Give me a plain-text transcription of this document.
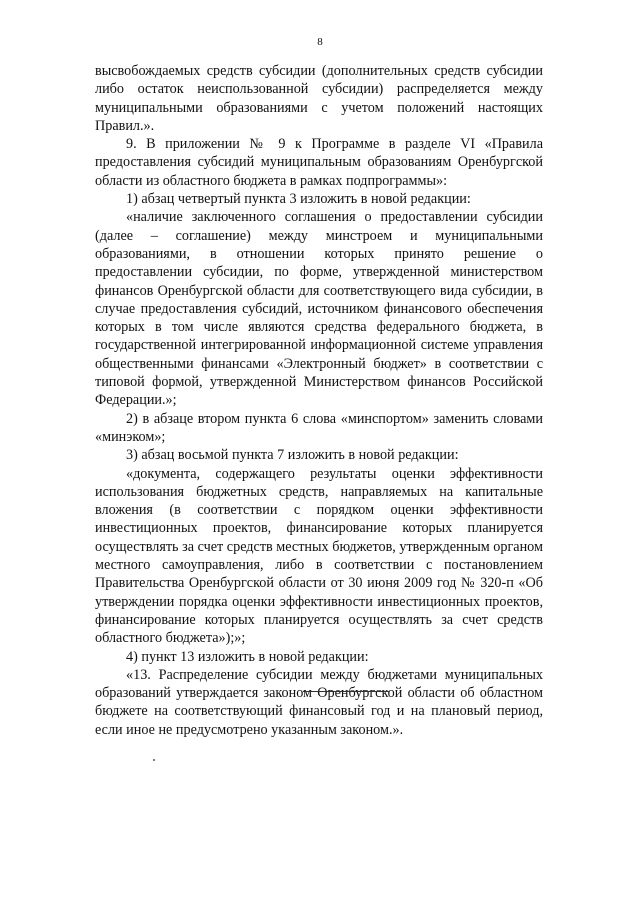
8

высвобождаемых средств субсидии (дополнительных средств субсидии либо остаток неиспользованной субсидии) распределяется между муниципальными образованиями с учетом положений настоящих Правил.».

9. В приложении № 9 к Программе в разделе VI «Правила предоставления субсидий муниципальным образованиям Оренбургской области из областного бюджета в рамках подпрограммы»:

1) абзац четвертый пункта 3 изложить в новой редакции:

«наличие заключенного соглашения о предоставлении субсидии (далее – соглашение) между минстроем и муниципальными образованиями, в отношении которых принято решение о предоставлении субсидии, по форме, утвержденной министерством финансов Оренбургской области для соответствующего вида субсидии, в случае предоставления субсидий, источником финансового обеспечения которых в том числе являются средства федерального бюджета, в государственной интегрированной информационной системе управления общественными финансами «Электронный бюджет» в соответствии с типовой формой, утвержденной Министерством финансов Российской Федерации.»;

2) в абзаце втором пункта 6 слова «минспортом» заменить словами «минэком»;

3) абзац восьмой пункта 7 изложить в новой редакции:

«документа, содержащего результаты оценки эффективности использования бюджетных средств, направляемых на капитальные вложения (в соответствии с порядком оценки эффективности инвестиционных проектов, финансирование которых планируется осуществлять за счет средств местных бюджетов, утвержденным органом местного самоуправления, либо в соответствии с постановлением Правительства Оренбургской области от 30 июня 2009 год № 320-п «Об утверждении порядка оценки эффективности инвестиционных проектов, финансирование которых планируется осуществлять за счет средств областного бюджета»);»;

4) пункт 13 изложить в новой редакции:

«13. Распределение субсидии между бюджетами муниципальных образований утверждается законом Оренбургской области об областном бюджете на соответствующий финансовый год и на плановый период, если иное не предусмотрено указанным законом.».
